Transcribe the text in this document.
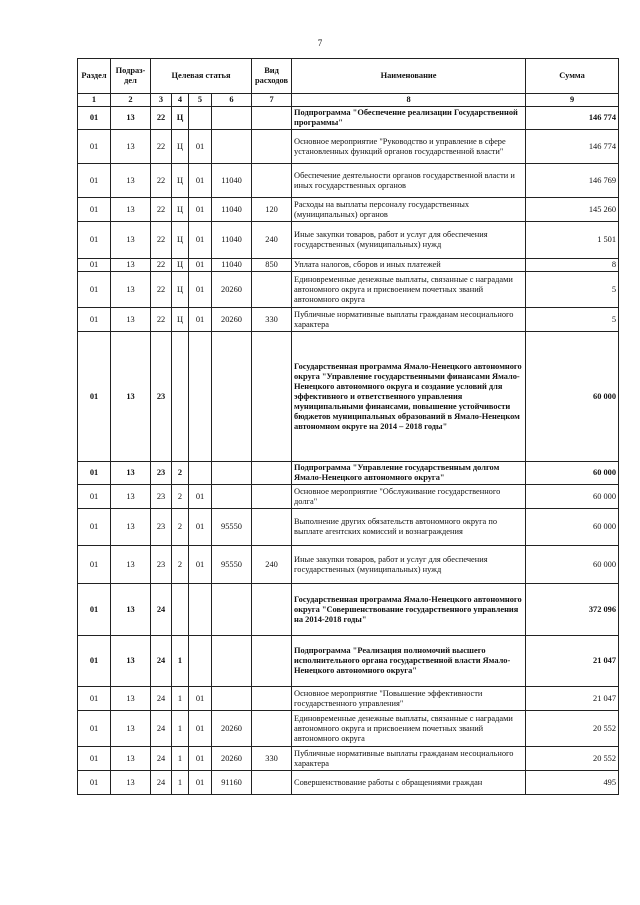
7
Раздел	Подраз-дел	Целевая статья				Вид расходов	Наименование	Сумма
1	2	3	4	5	6	7	8	9
01	13	22	Ц				Подпрограмма "Обеспечение реализации Государственной программы"	146 774
01	13	22	Ц	01			Основное мероприятие "Руководство и управление в сфере установленных функций органов государственной власти"	146 774
01	13	22	Ц	01	11040		Обеспечение деятельности органов государственной власти и иных государственных органов	146 769
01	13	22	Ц	01	11040	120	Расходы на выплаты персоналу государственных (муниципальных) органов	145 260
01	13	22	Ц	01	11040	240	Иные закупки товаров, работ и услуг для обеспечения государственных (муниципальных) нужд	1 501
01	13	22	Ц	01	11040	850	Уплата налогов, сборов и иных платежей	8
01	13	22	Ц	01	20260		Единовременные денежные выплаты, связанные с наградами автономного округа и присвоением почетных званий автономного округа	5
01	13	22	Ц	01	20260	330	Публичные нормативные выплаты гражданам несоциального характера	5
01	13	23					Государственная программа Ямало-Ненецкого автономного округа "Управление государственными финансами Ямало-Ненецкого автономного округа и создание условий для эффективного и ответственного управления муниципальными финансами, повышение устойчивости бюджетов муниципальных образований в Ямало-Ненецком автономном округе на 2014 – 2018 годы"	60 000
01	13	23	2				Подпрограмма "Управление государственным долгом Ямало-Ненецкого автономного округа"	60 000
01	13	23	2	01			Основное мероприятие "Обслуживание государственного долга"	60 000
01	13	23	2	01	95550		Выполнение других обязательств автономного округа по выплате агентских комиссий и вознаграждения	60 000
01	13	23	2	01	95550	240	Иные закупки товаров, работ и услуг для обеспечения государственных (муниципальных) нужд	60 000
01	13	24					Государственная программа Ямало-Ненецкого автономного округа "Совершенствование государственного управления на 2014-2018 годы"	372 096
01	13	24	1				Подпрограмма "Реализация полномочий высшего исполнительного органа государственной власти Ямало-Ненецкого автономного округа"	21 047
01	13	24	1	01			Основное мероприятие "Повышение эффективности государственного управления"	21 047
01	13	24	1	01	20260		Единовременные денежные выплаты, связанные с наградами автономного округа и присвоением почетных званий автономного округа	20 552
01	13	24	1	01	20260	330	Публичные нормативные выплаты гражданам несоциального характера	20 552
01	13	24	1	01	91160		Совершенствование работы с обращениями граждан	495
